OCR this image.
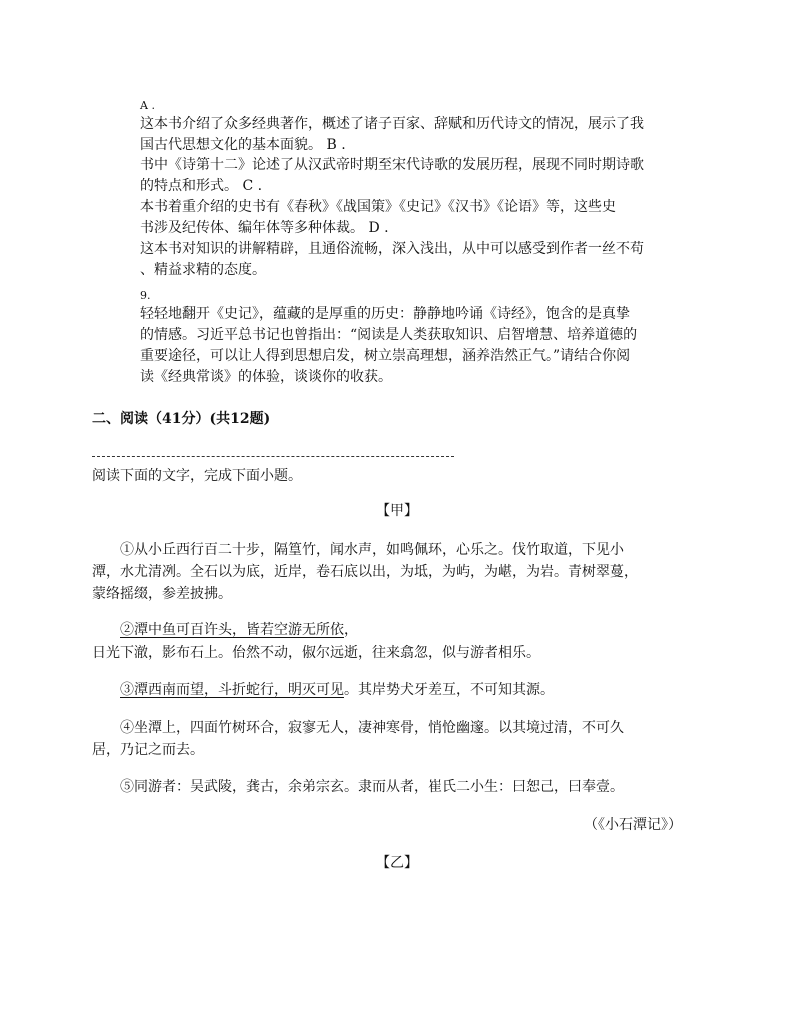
A .
这本书介绍了众多经典著作，概述了诸子百家、辞赋和历代诗文的情况，展示了我
国古代思想文化的基本面貌。 B .
书中《诗第十二》论述了从汉武帝时期至宋代诗歌的发展历程，展现不同时期诗歌
的特点和形式。 C .
本书着重介绍的史书有《春秋》《战国策》《史记》《汉书》《论语》等，这些史
书涉及纪传体、编年体等多种体裁。 D .
这本书对知识的讲解精辟，且通俗流畅，深入浅出，从中可以感受到作者一丝不苟
、精益求精的态度。
9.
轻轻地翻开《史记》，蕴藏的是厚重的历史：静静地吟诵《诗经》，饱含的是真挚
的情感。习近平总书记也曾指出：“阅读是人类获取知识、启智增慧、培养道德的
重要途径，可以让人得到思想启发，树立崇高理想，涵养浩然正气。”请结合你阅
读《经典常谈》的体验，谈谈你的收获。
二、阅读（41分）(共12题)
阅读下面的文字，完成下面小题。
【甲】
①从小丘西行百二十步，隔篁竹，闻水声，如鸣佩环，心乐之。伐竹取道，下见小
潭，水尤清冽。全石以为底，近岸，卷石底以出，为坻，为屿，为嵁，为岩。青树翠蔓，
蒙络摇缀，参差披拂。
②潭中鱼可百许头，皆若空游无所依，
日光下澈，影布石上。佁然不动，俶尔远逝，往来翕忽，似与游者相乐。
③潭西南而望，斗折蛇行，明灭可见。其岸势犬牙差互，不可知其源。
④坐潭上，四面竹树环合，寂寥无人，凄神寒骨，悄怆幽邃。以其境过清，不可久
居，乃记之而去。
⑤同游者：吴武陵，龚古，余弟宗玄。隶而从者，崔氏二小生：曰恕己，曰奉壹。
（《小石潭记》）
【乙】
